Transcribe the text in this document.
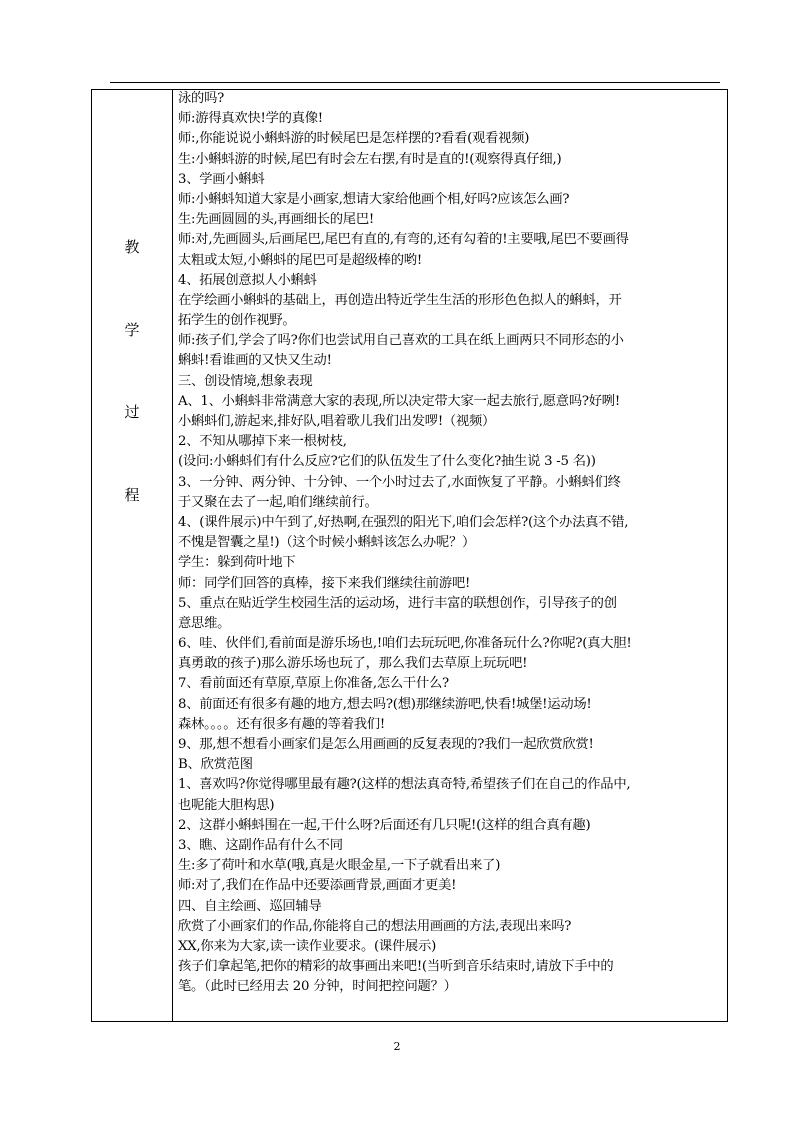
教
学
过
程
泳的吗?
师:游得真欢快!学的真像!
师:,你能说说小蝌蚪游的时候尾巴是怎样摆的?看看(观看视频)
生:小蝌蚪游的时候,尾巴有时会左右摆,有时是直的!(观察得真仔细,)
3、学画小蝌蚪
师:小蝌蚪知道大家是小画家,想请大家给他画个相,好吗?应该怎么画?
生:先画圆圆的头,再画细长的尾巴!
师:对,先画圆头,后画尾巴,尾巴有直的,有弯的,还有勾着的!主要哦,尾巴不要画得
太粗或太短,小蝌蚪的尾巴可是超级棒的哟!
4、拓展创意拟人小蝌蚪
在学绘画小蝌蚪的基础上，再创造出特近学生生活的形形色色拟人的蝌蚪，开
拓学生的创作视野。
师:孩子们,学会了吗?你们也尝试用自己喜欢的工具在纸上画两只不同形态的小
蝌蚪!看谁画的又快又生动!
三、创设情境,想象表现
A、1、小蝌蚪非常满意大家的表现,所以决定带大家一起去旅行,愿意吗?好咧!
小蝌蚪们,游起来,排好队,唱着歌儿我们出发啰!（视频）
2、不知从哪掉下来一根树枝,
(设问:小蝌蚪们有什么反应?它们的队伍发生了什么变化?抽生说 3 -5 名))
3、一分钟、两分钟、十分钟、一个小时过去了,水面恢复了平静。小蝌蚪们终
于又聚在去了一起,咱们继续前行。
4、(课件展示)中午到了,好热啊,在强烈的阳光下,咱们会怎样?(这个办法真不错,
不愧是智囊之星!)（这个时候小蝌蚪该怎么办呢？）
学生：躲到荷叶地下
师：同学们回答的真棒，接下来我们继续往前游吧!
5、重点在贴近学生校园生活的运动场，进行丰富的联想创作，引导孩子的创
意思维。
6、哇、伙伴们,看前面是游乐场也,!咱们去玩玩吧,你准备玩什么?你呢?(真大胆!
真勇敢的孩子)那么游乐场也玩了，那么我们去草原上玩玩吧!
7、看前面还有草原,草原上你准备,怎么干什么?
8、前面还有很多有趣的地方,想去吗?(想)那继续游吧,快看!城堡!运动场!
森林。。。。还有很多有趣的等着我们!
9、那,想不想看小画家们是怎么用画画的反复表现的?我们一起欣赏欣赏!
B、欣赏范图
1、喜欢吗?你觉得哪里最有趣?(这样的想法真奇特,希望孩子们在自己的作品中,
也呢能大胆构思)
2、这群小蝌蚪围在一起,干什么呀?后面还有几只呢!(这样的组合真有趣)
3、瞧、这副作品有什么不同
生:多了荷叶和水草(哦,真是火眼金星,一下子就看出来了)
师:对了,我们在作品中还要添画背景,画面才更美!
四、自主绘画、巡回辅导
欣赏了小画家们的作品,你能将自己的想法用画画的方法,表现出来吗?
XX,你来为大家,读一读作业要求。(课件展示)
孩子们拿起笔,把你的精彩的故事画出来吧!(当听到音乐结束时,请放下手中的
笔。（此时已经用去 20 分钟，时间把控问题？）
2
